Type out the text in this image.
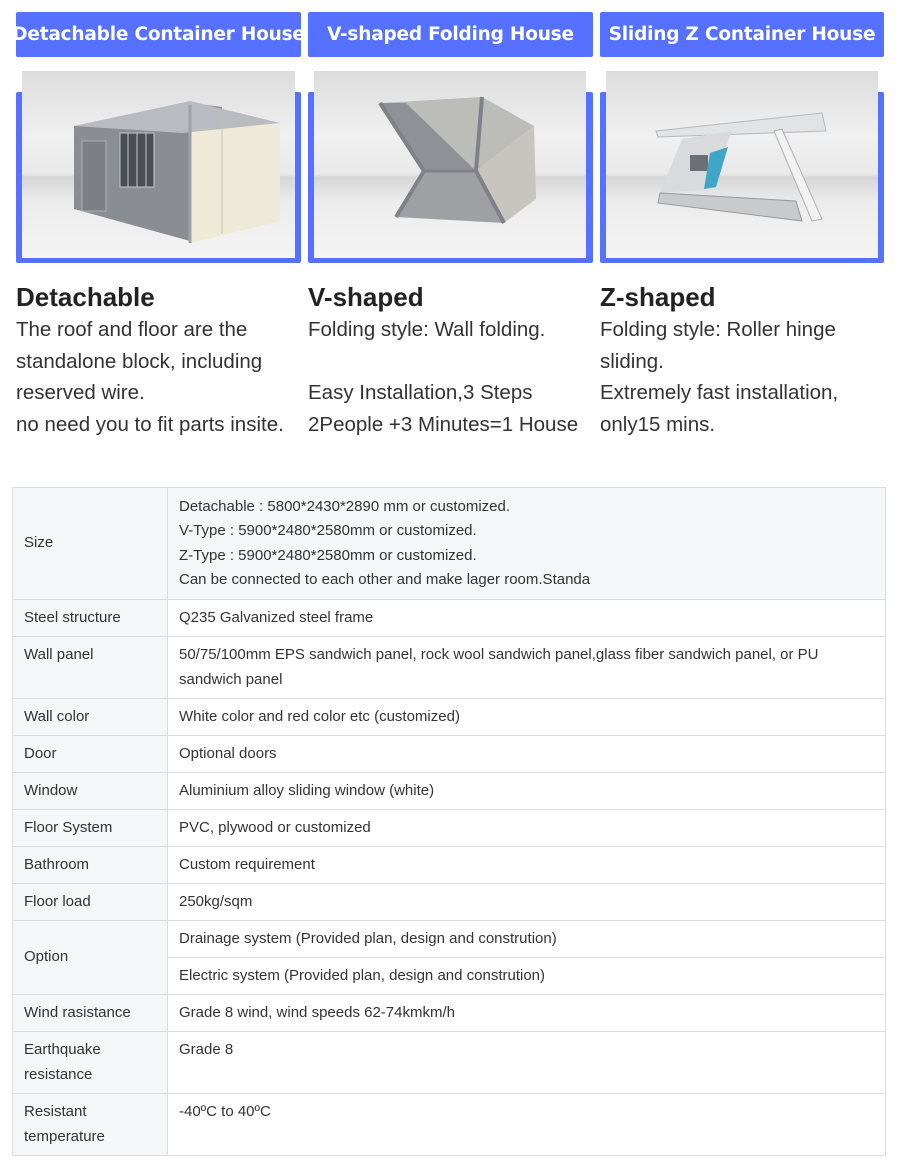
Detachable Container House	V-shaped Folding House	Sliding Z Container House
Detachable
The roof and floor are the
standalone block, including
reserved wire.
no need you to fit parts insite.
V-shaped
Folding style: Wall folding.
Easy Installation,3 Steps
2People +3 Minutes=1 House
Z-shaped
Folding style: Roller hinge
sliding.
Extremely fast installation,
only15 mins.
Size	Detachable : 5800*2430*2890 mm or customized.
V-Type : 5900*2480*2580mm or customized.
Z-Type : 5900*2480*2580mm or customized.
Can be connected to each other and make lager room.Standa

Steel structure	Q235 Galvanized steel frame
Wall panel	50/75/100mm EPS sandwich panel, rock wool sandwich panel,glass fiber sandwich panel, or PU sandwich panel
Wall color	White color and red color etc (customized)
Door	Optional doors
Window	Aluminium alloy sliding window (white)
Floor System	PVC, plywood or customized
Bathroom	Custom requirement
Floor load	250kg/sqm
Option	Drainage system (Provided plan, design and constrution)
	Electric system (Provided plan, design and constrution)
Wind rasistance	Grade 8 wind, wind speeds 62-74kmkm/h
Earthquake resistance	Grade 8
Resistant temperature	-40ºC to 40ºC
